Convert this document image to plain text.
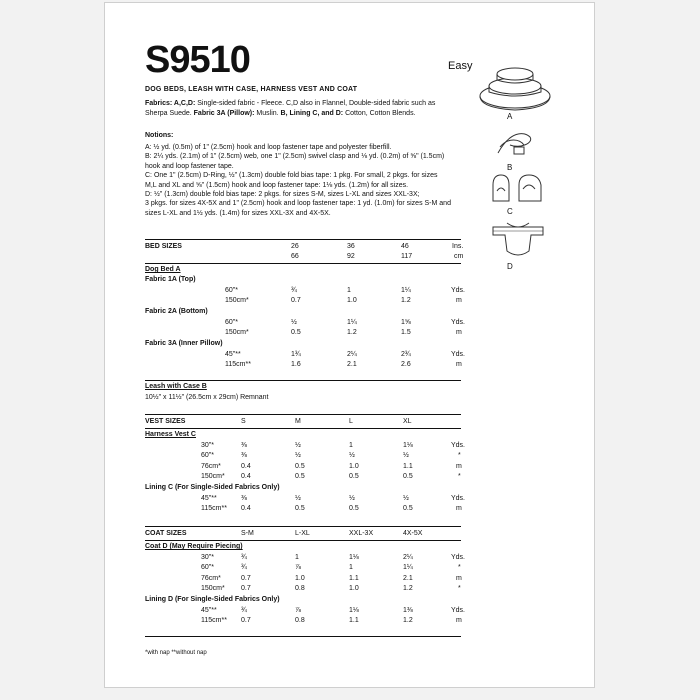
S9510	Easy
DOG BEDS, LEASH WITH CASE, HARNESS VEST AND COAT
Fabrics: A,C,D: Single-sided fabric - Fleece. C,D also in Flannel, Double-sided fabric such as Sherpa Suede. Fabric 3A (Pillow): Muslin. B, Lining C, and D: Cotton, Cotton Blends.
Notions:
A: ½ yd. (0.5m) of 1" (2.5cm) hook and loop fastener tape and polyester fiberfill.
B: 2¼ yds. (2.1m) of 1" (2.5cm) web, one 1" (2.5cm) swivel clasp and ⅛ yd. (0.2m) of ⅝" (1.5cm)
hook and loop fastener tape.
C: One 1" (2.5cm) D-Ring, ½" (1.3cm) double fold bias tape: 1 pkg. For small, 2 pkgs. for sizes
M,L and XL and ⅝" (1.5cm) hook and loop fastener tape: 1⅛ yds. (1.2m) for all sizes.
D: ½" (1.3cm) double fold bias tape: 2 pkgs. for sizes S-M, sizes L-XL and sizes XXL-3X;
3 pkgs. for sizes 4X-5X and 1" (2.5cm) hook and loop fastener tape: 1 yd. (1.0m) for sizes S-M and
sizes L-XL and 1½ yds. (1.4m) for sizes XXL-3X and 4X-5X.
BED SIZES	26	36	46	Ins.
66	92	117	cm
Dog Bed A
Fabric 1A (Top)
60"*	¾	1	1¼	Yds.
150cm*	0.7	1.0	1.2	m
Fabric 2A (Bottom)
60"*	½	1¼	1⅝	Yds.
150cm*	0.5	1.2	1.5	m
Fabric 3A (Inner Pillow)
45"**	1¾	2¼	2¾	Yds.
115cm**	1.6	2.1	2.6	m
Leash with Case B
10½" x 11½" (26.5cm x 29cm) Remnant
VEST SIZES	S	M	L	XL
Harness Vest C
30"*	⅜	½	1	1⅛	Yds.
60"*	⅜	½	½	½	*
76cm*	0.4	0.5	1.0	1.1	m
150cm* 0.4	0.5	0.5	0.5	*
Lining C (For Single-Sided Fabrics Only)
45"**	⅜	½	½	½	Yds.
115cm** 0.4	0.5	0.5	0.5	m
COAT SIZES	S-M	L-XL	XXL-3X	4X-5X
Coat D (May Require Piecing)
30"*	¾	1	1⅛	2¼	Yds.
60"*	¾	⅞	1	1¼	*
76cm*	0.7	1.0	1.1	2.1	m
150cm* 0.7	0.8	1.0	1.2	*
Lining D (For Single-Sided Fabrics Only)
45"**	¾	⅞	1⅛	1⅜	Yds.
115cm** 0.7	0.8	1.1	1.2	m
*with nap **without nap
A
B
C
D
